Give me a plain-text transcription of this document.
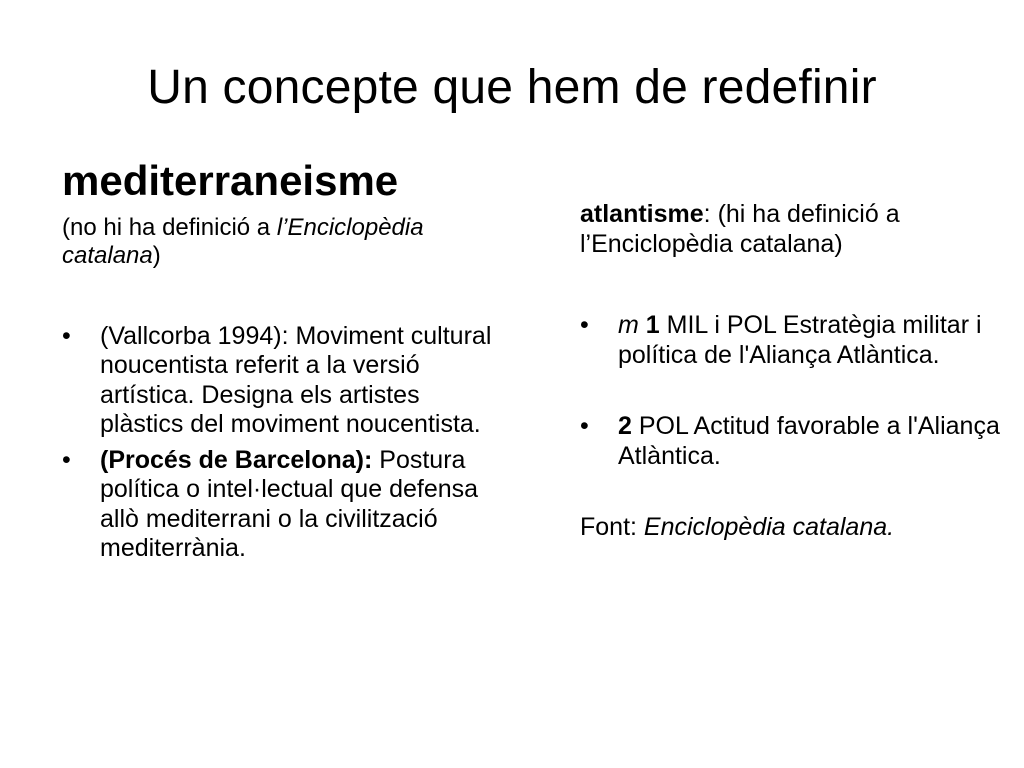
Un concepte que hem de redefinir
mediterraneisme

(no hi ha definició a l’Enciclopèdia catalana)

• (Vallcorba 1994): Moviment cultural noucentista referit a la versió artística. Designa els artistes plàstics del moviment noucentista.
• (Procés de Barcelona): Postura política o intel·lectual que defensa allò mediterrani o la civilització mediterrània.

atlantisme: (hi ha definició a l’Enciclopèdia catalana)

• m 1 MIL i POL Estratègia militar i política de l'Aliança Atlàntica.
• 2 POL Actitud favorable a l'Aliança Atlàntica.

Font: Enciclopèdia catalana.
